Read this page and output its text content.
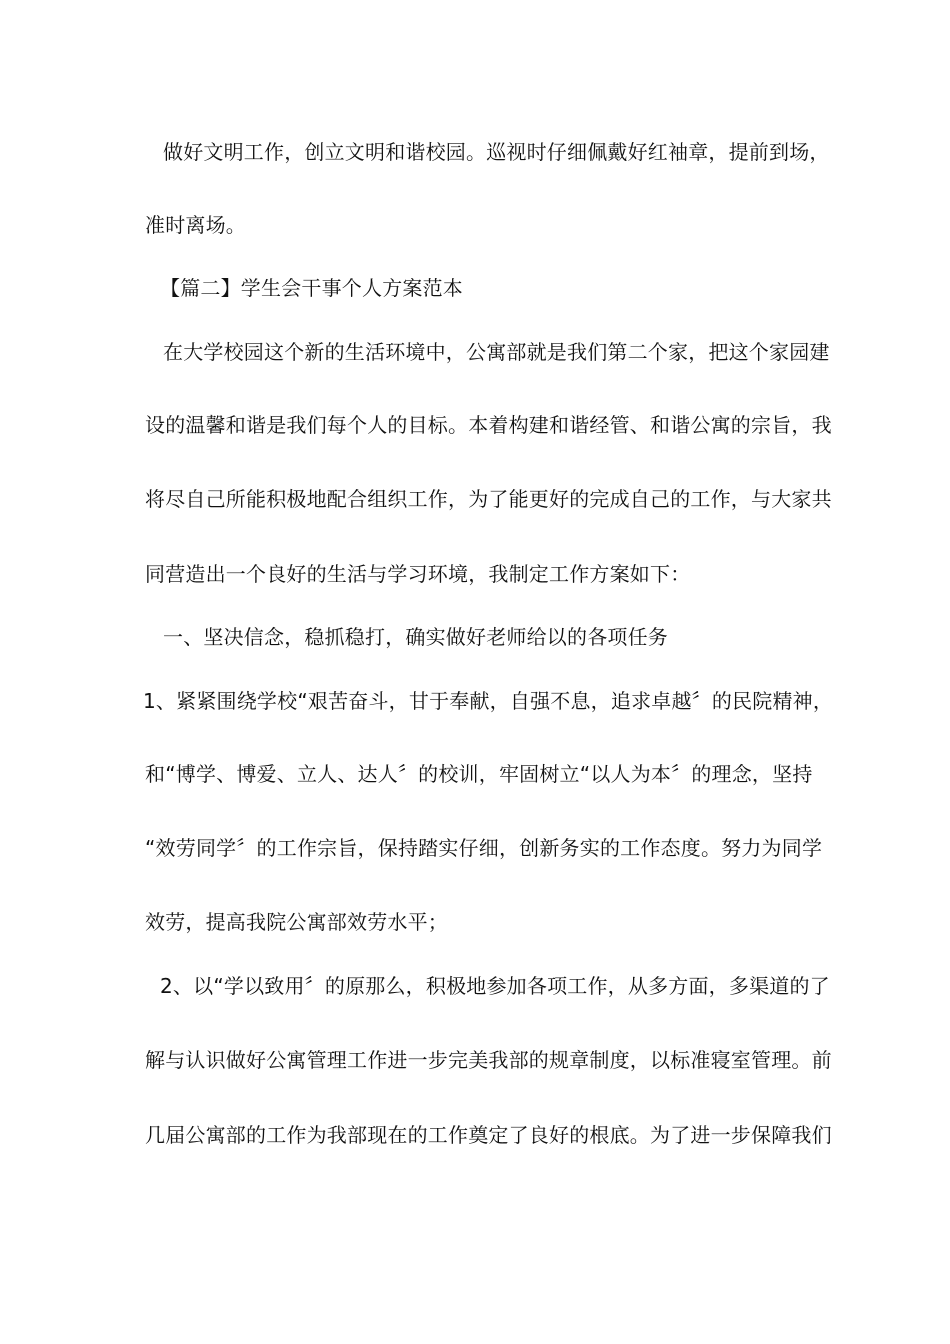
做好文明工作，创立文明和谐校园。巡视时仔细佩戴好红袖章，提前到场，
准时离场。
【篇二】学生会干事个人方案范本
在大学校园这个新的生活环境中，公寓部就是我们第二个家，把这个家园建
设的温馨和谐是我们每个人的目标。本着构建和谐经管、和谐公寓的宗旨，我
将尽自己所能积极地配合组织工作，为了能更好的完成自己的工作，与大家共
同营造出一个良好的生活与学习环境，我制定工作方案如下：
一、坚决信念，稳抓稳打，确实做好老师给以的各项任务
1、紧紧围绕学校“艰苦奋斗，甘于奉献，自强不息，追求卓越〞的民院精神，
和“博学、博爱、立人、达人〞的校训，牢固树立“以人为本〞的理念，坚持
“效劳同学〞的工作宗旨，保持踏实仔细，创新务实的工作态度。努力为同学
效劳，提高我院公寓部效劳水平；
2、以“学以致用〞的原那么，积极地参加各项工作，从多方面，多渠道的了
解与认识做好公寓管理工作进一步完美我部的规章制度，以标准寝室管理。前
几届公寓部的工作为我部现在的工作奠定了良好的根底。为了进一步保障我们
